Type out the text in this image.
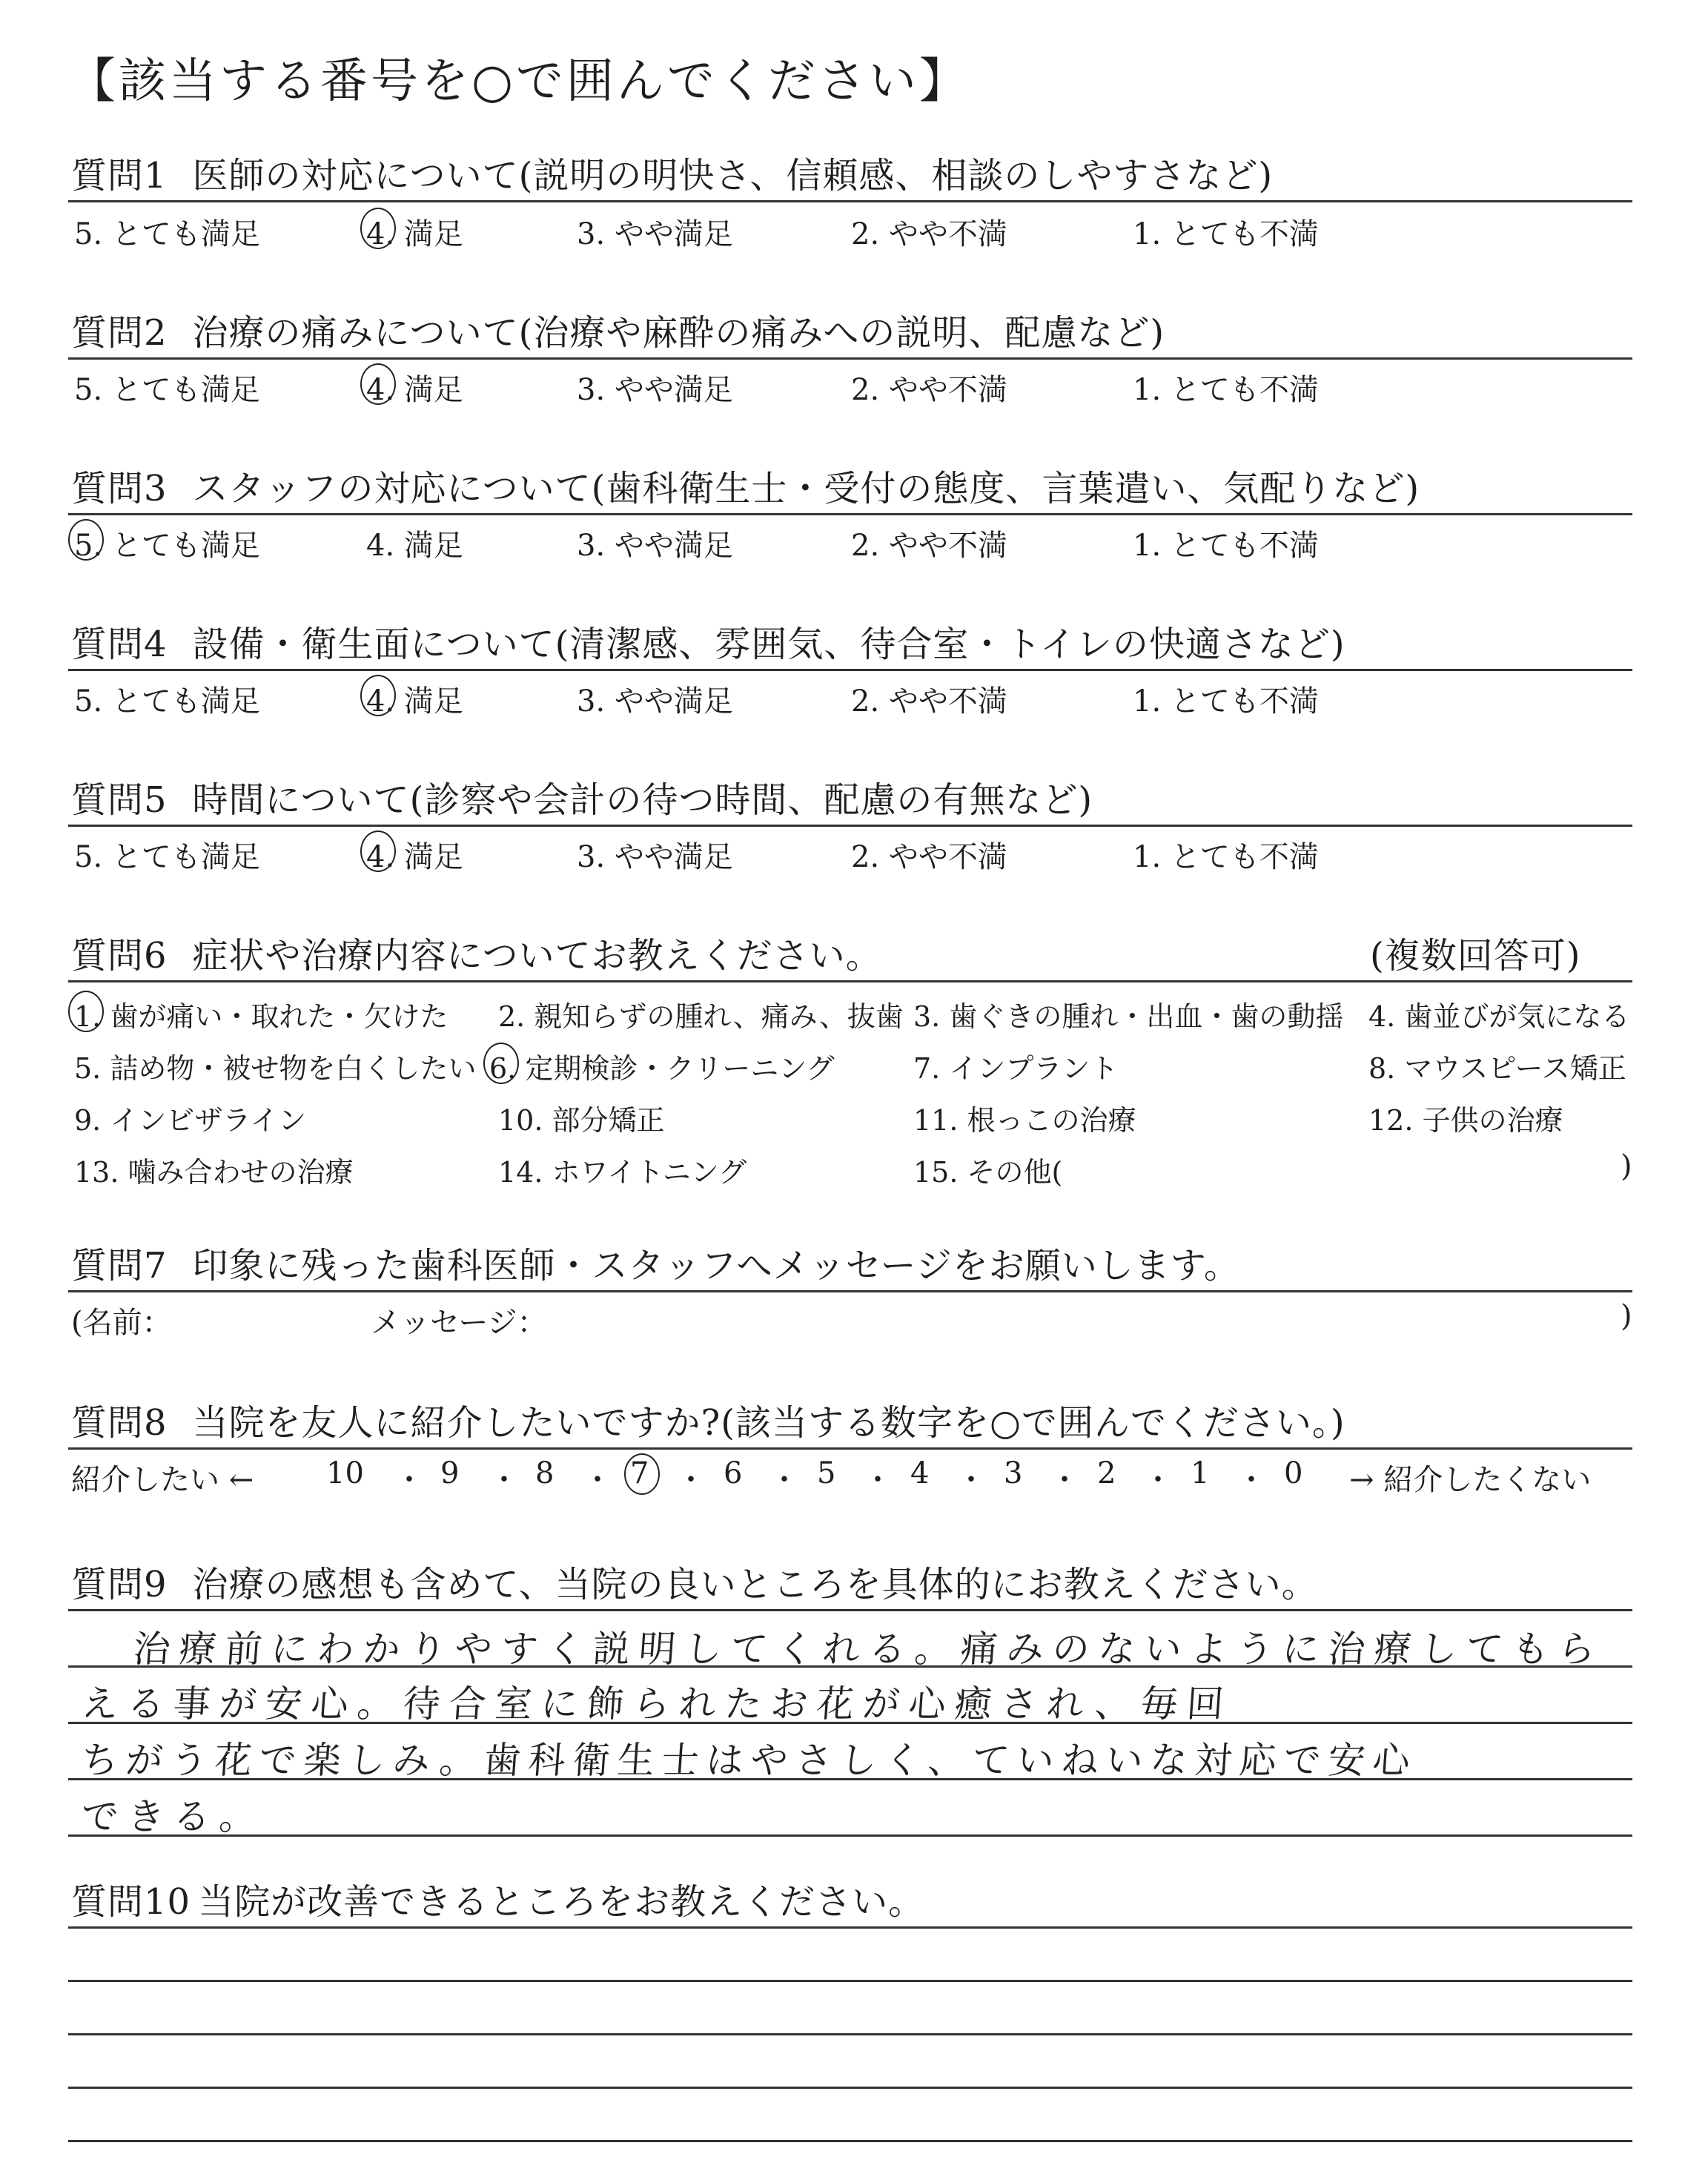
【該当する番号を○で囲んでください】
質問1 医師の対応について(説明の明快さ、信頼感、相談のしやすさなど)
5. とても満足	4. 満足	3. やや満足	2. やや不満	1. とても不満
質問2 治療の痛みについて(治療や麻酔の痛みへの説明、配慮など)
5. とても満足	4. 満足	3. やや満足	2. やや不満	1. とても不満
質問3 スタッフの対応について(歯科衛生士・受付の態度、言葉遣い、気配りなど)
5. とても満足	4. 満足	3. やや満足	2. やや不満	1. とても不満
質問4 設備・衛生面について(清潔感、雰囲気、待合室・トイレの快適さなど)
5. とても満足	4. 満足	3. やや満足	2. やや不満	1. とても不満
質問5 時間について(診察や会計の待つ時間、配慮の有無など)
5. とても満足	4. 満足	3. やや満足	2. やや不満	1. とても不満
質問6 症状や治療内容についてお教えください。	(複数回答可)
1. 歯が痛い・取れた・欠けた 2. 親知らずの腫れ、痛み、抜歯 3. 歯ぐきの腫れ・出血・歯の動揺 4. 歯並びが気になる
5. 詰め物・被せ物を白くしたい 6. 定期検診・クリーニング	7. インプラント	8. マウスピース矯正
9. インビザライン	10. 部分矯正	11. 根っこの治療	12. 子供の治療
13. 噛み合わせの治療	14. ホワイトニング	15. その他(	)
質問7 印象に残った歯科医師・スタッフへメッセージをお願いします。
(名前：	メッセージ：	)
質問8 当院を友人に紹介したいですか?(該当する数字を○で囲んでください。)
紹介したい ←	→ 紹介したくない
10 ・ 9 ・ 8 ・ 7 ・ 6 ・ 5 ・ 4 ・ 3 ・ 2 ・ 1 ・ 0
質問9 治療の感想も含めて、当院の良いところを具体的にお教えください。
治療前にわかりやすく説明してくれる。痛みのないように治療してもら
える事が安心。待合室に飾られたお花が心癒され、毎回
ちがう花で楽しみ。歯科衛生士はやさしく、ていねいな対応で安心
できる。
質問10 当院が改善できるところをお教えください。
